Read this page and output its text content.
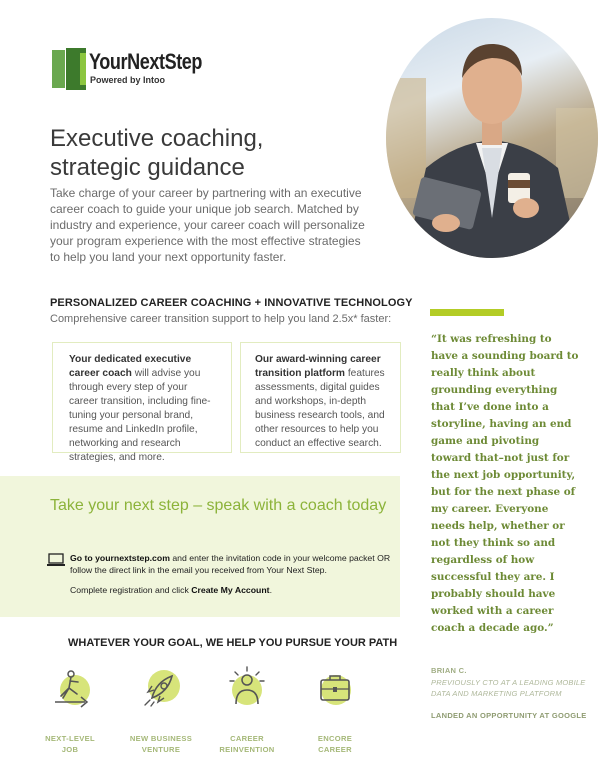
YourNextStep
Powered by Intoo
Executive coaching,
strategic guidance

Take charge of your career by partnering with an executive career coach to guide your unique job search. Matched by industry and experience, your career coach will personalize your program experience with the most effective strategies to help you land your next opportunity faster.

PERSONALIZED CAREER COACHING + INNOVATIVE TECHNOLOGY
Comprehensive career transition support to help you land 2.5x* faster:
Your dedicated executive career coach will advise you through every step of your career transition, including fine-tuning your personal brand, resume and LinkedIn profile, networking and research strategies, and more.
Our award-winning career transition platform features assessments, digital guides and workshops, in-depth business research tools, and other resources to help you conduct an effective search.
Take your next step – speak with a coach today
Go to yournextstep.com and enter the invitation code in your welcome packet OR follow the direct link in the email you received from Your Next Step.
Complete registration and click Create My Account.
WHATEVER YOUR GOAL, WE HELP YOU PURSUE YOUR PATH
NEXT-LEVEL
JOB
NEW BUSINESS
VENTURE
CAREER
REINVENTION
ENCORE
CAREER
“It was refreshing to have a sounding board to really think about grounding everything that I’ve done into a storyline, having an end game and pivoting toward that–not just for the next job opportunity, but for the next phase of my career. Everyone needs help, whether or not they think so and regardless of how successful they are. I probably should have worked with a career coach a decade ago.”
BRIAN C.
PREVIOUSLY CTO AT A LEADING MOBILE DATA AND MARKETING PLATFORM
LANDED AN OPPORTUNITY AT GOOGLE
